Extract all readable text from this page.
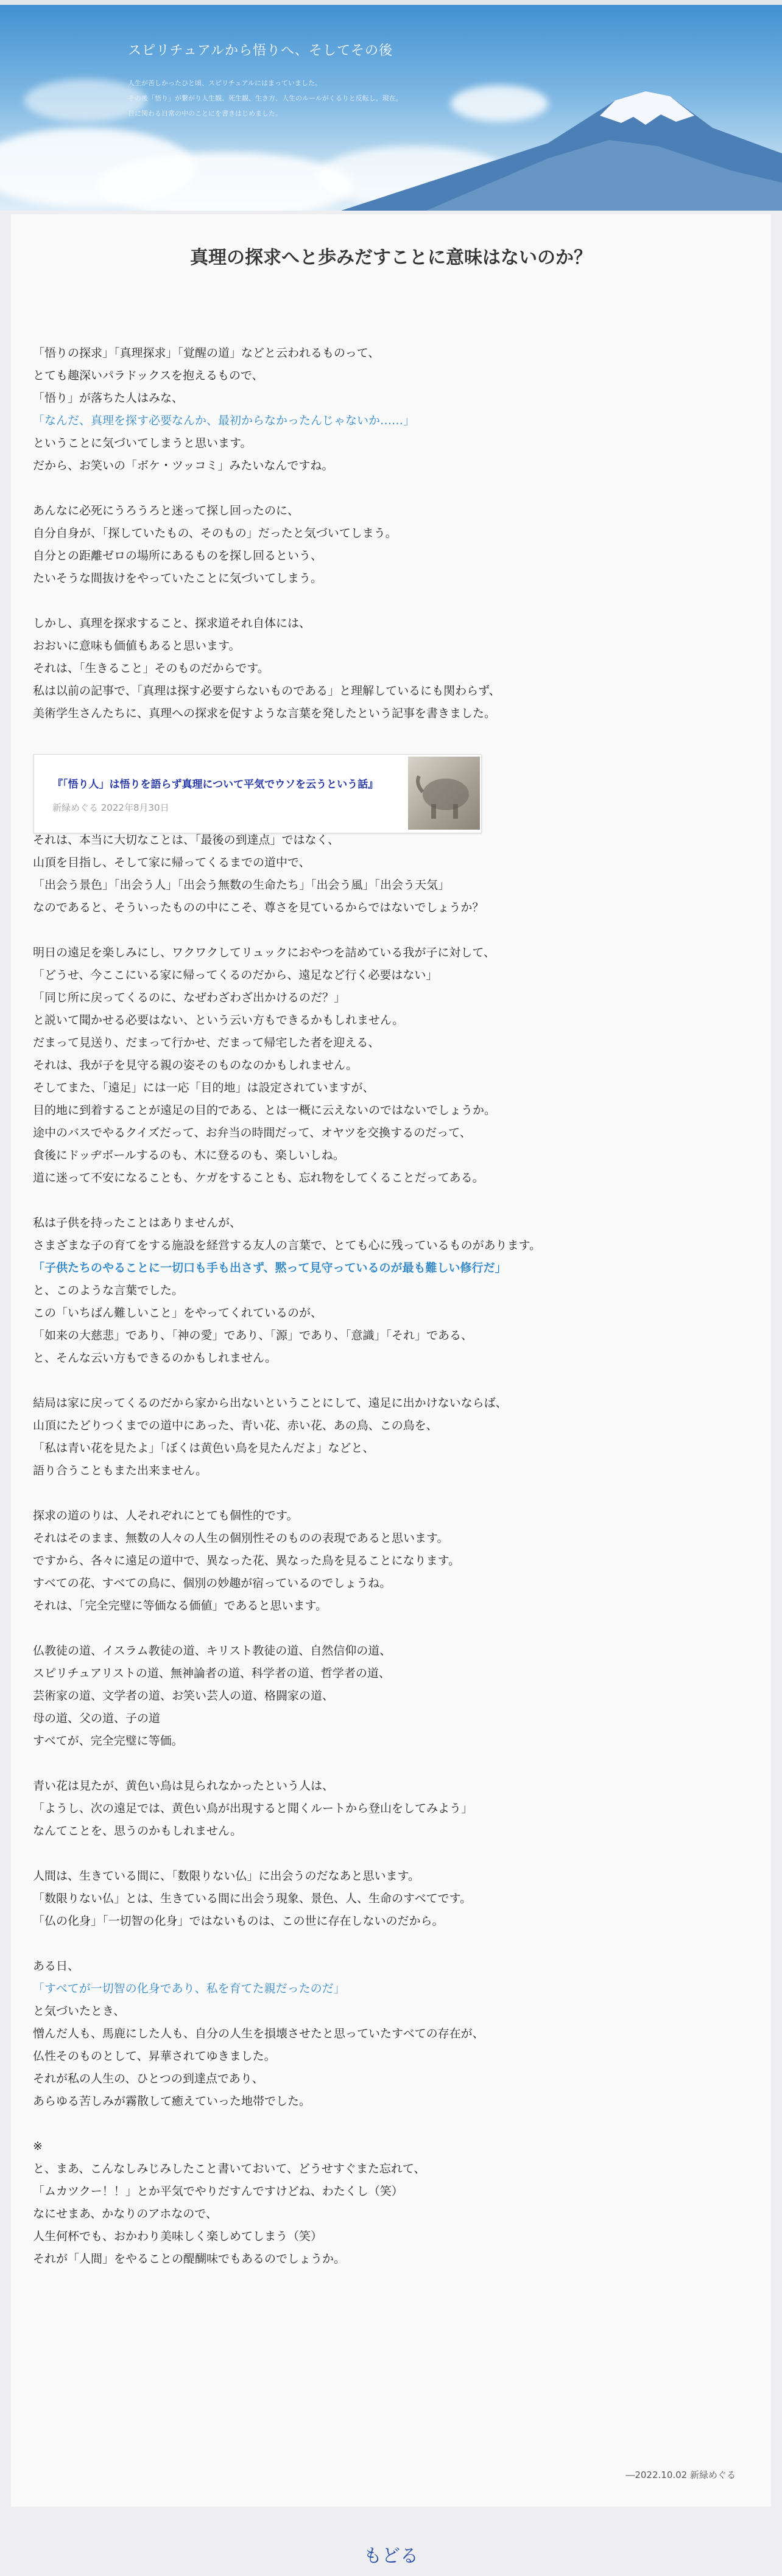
スピリチュアルから悟りへ、そしてその後
人生が苦しかったひと頃、スピリチュアルにはまっていました。
その後「悟り」が繋がり人生観、死生観、生き方、人生のルールがくるりと反転し、現在。
日に関わる日常の中のことにを書きはじめました。
真理の探求へと歩みだすことに意味はないのか？

「悟りの探求」「真理探求」「覚醒の道」などと云われるものって、

とても趣深いパラドックスを抱えるもので、

「悟り」が落ちた人はみな、

「なんだ、真理を探す必要なんか、最初からなかったんじゃないか……」

ということに気づいてしまうと思います。

だから、お笑いの「ボケ・ツッコミ」みたいなんですね。

あんなに必死にうろうろと迷って探し回ったのに、

自分自身が、「探していたもの、そのもの」だったと気づいてしまう。

自分との距離ゼロの場所にあるものを探し回るという、

たいそうな間抜けをやっていたことに気づいてしまう。

しかし、真理を探求すること、探求道それ自体には、

おおいに意味も価値もあると思います。

それは、「生きること」そのものだからです。

私は以前の記事で、「真理は探す必要すらないものである」と理解しているにも関わらず、

美術学生さんたちに、真理への探求を促すような言葉を発したという記事を書きました。

それは、本当に大切なことは、「最後の到達点」ではなく、

山頂を目指し、そして家に帰ってくるまでの道中で、

「出会う景色」「出会う人」「出会う無数の生命たち」「出会う風」「出会う天気」

なのであると、そういったものの中にこそ、尊さを見ているからではないでしょうか？

明日の遠足を楽しみにし、ワクワクしてリュックにおやつを詰めている我が子に対して、

「どうせ、今ここにいる家に帰ってくるのだから、遠足など行く必要はない」

「同じ所に戻ってくるのに、なぜわざわざ出かけるのだ？」

と説いて聞かせる必要はない、という云い方もできるかもしれません。

だまって見送り、だまって行かせ、だまって帰宅した者を迎える、

それは、我が子を見守る親の姿そのものなのかもしれません。

そしてまた、「遠足」には一応「目的地」は設定されていますが、

目的地に到着することが遠足の目的である、とは一概に云えないのではないでしょうか。

途中のバスでやるクイズだって、お弁当の時間だって、オヤツを交換するのだって、

食後にドッヂボールするのも、木に登るのも、楽しいしね。

道に迷って不安になることも、ケガをすることも、忘れ物をしてくることだってある。

私は子供を持ったことはありませんが、

さまざまな子の育てをする施設を経営する友人の言葉で、とても心に残っているものがあります。

「子供たちのやることに一切口も手も出さず、黙って見守っているのが最も難しい修行だ」

と、このような言葉でした。

この「いちばん難しいこと」をやってくれているのが、

「如来の大慈悲」であり、「神の愛」であり、「源」であり、「意識」「それ」である、

と、そんな云い方もできるのかもしれません。

結局は家に戻ってくるのだから家から出ないということにして、遠足に出かけないならば、

山頂にたどりつくまでの道中にあった、青い花、赤い花、あの鳥、この鳥を、

「私は青い花を見たよ」「ぼくは黄色い鳥を見たんだよ」などと、

語り合うこともまた出来ません。

探求の道のりは、人それぞれにとても個性的です。

それはそのまま、無数の人々の人生の個別性そのものの表現であると思います。

ですから、各々に遠足の道中で、異なった花、異なった鳥を見ることになります。

すべての花、すべての鳥に、個別の妙趣が宿っているのでしょうね。

それは、「完全完璧に等価なる価値」であると思います。

仏教徒の道、イスラム教徒の道、キリスト教徒の道、自然信仰の道、

スピリチュアリストの道、無神論者の道、科学者の道、哲学者の道、

芸術家の道、文学者の道、お笑い芸人の道、格闘家の道、

母の道、父の道、子の道

すべてが、完全完璧に等価。

青い花は見たが、黄色い鳥は見られなかったという人は、

「ようし、次の遠足では、黄色い鳥が出現すると聞くルートから登山をしてみよう」

なんてことを、思うのかもしれません。

人間は、生きている間に、「数限りない仏」に出会うのだなあと思います。

「数限りない仏」とは、生きている間に出会う現象、景色、人、生命のすべてです。

「仏の化身」「一切智の化身」ではないものは、この世に存在しないのだから。

ある日、

「すべてが一切智の化身であり、私を育てた親だったのだ」

と気づいたとき、

憎んだ人も、馬鹿にした人も、自分の人生を損壊させたと思っていたすべての存在が、

仏性そのものとして、昇華されてゆきました。

それが私の人生の、ひとつの到達点であり、

あらゆる苦しみが霧散して癒えていった地帯でした。

※

と、まあ、こんなしみじみしたこと書いておいて、どうせすぐまた忘れて、

「ムカツクー！！」とか平気でやりだすんですけどね、わたくし（笑）

なにせまあ、かなりのアホなので、

人生何杯でも、おかわり美味しく楽しめてしまう（笑）

それが「人間」をやることの醍醐味でもあるのでしょうか。

『「悟り人」は悟りを語らず真理について平気でウソを云うという話』
新緑めぐる 2022年8月30日
―2022.10.02 新緑めぐる
もどる
